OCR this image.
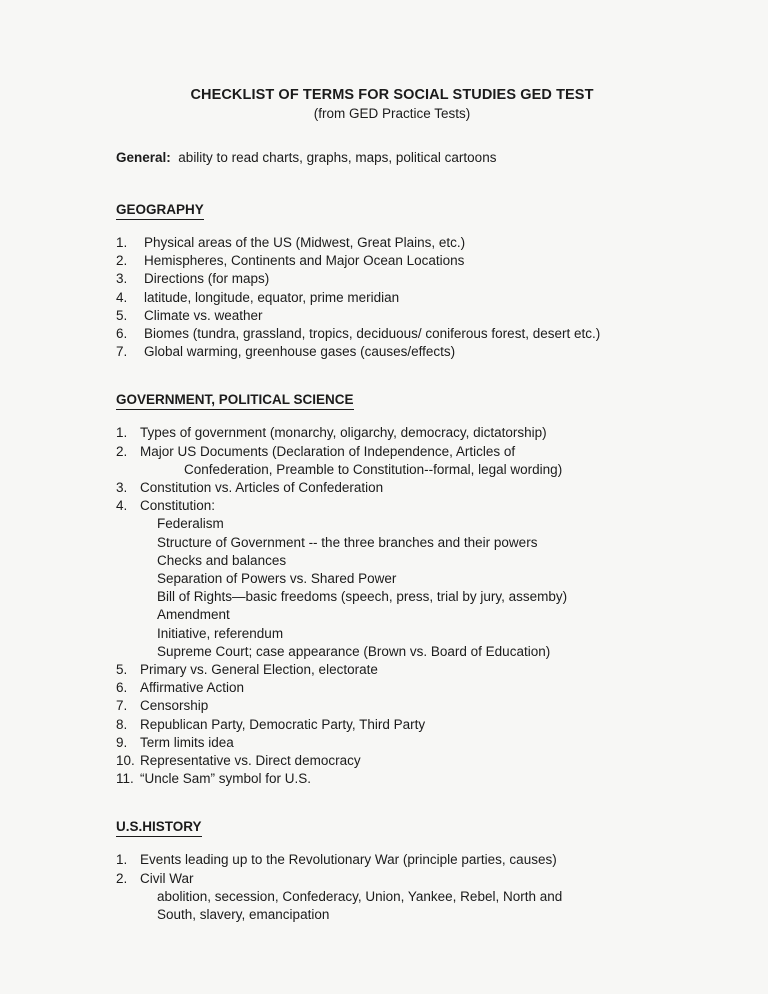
CHECKLIST OF TERMS FOR SOCIAL STUDIES GED TEST
(from GED Practice Tests)
General: ability to read charts, graphs, maps, political cartoons
GEOGRAPHY
1. Physical areas of the US (Midwest, Great Plains, etc.)
2. Hemispheres, Continents and Major Ocean Locations
3. Directions (for maps)
4. latitude, longitude, equator, prime meridian
5. Climate vs. weather
6. Biomes (tundra, grassland, tropics, deciduous/ coniferous forest, desert etc.)
7. Global warming, greenhouse gases (causes/effects)
GOVERNMENT, POLITICAL SCIENCE
1. Types of government (monarchy, oligarchy, democracy, dictatorship)
2. Major US Documents (Declaration of Independence, Articles of
Confederation, Preamble to Constitution--formal, legal wording)
3. Constitution vs. Articles of Confederation
4. Constitution:
Federalism
Structure of Government -- the three branches and their powers
Checks and balances
Separation of Powers vs. Shared Power
Bill of Rights—basic freedoms (speech, press, trial by jury, assemby)
Amendment
Initiative, referendum
Supreme Court; case appearance (Brown vs. Board of Education)
5. Primary vs. General Election, electorate
6. Affirmative Action
7. Censorship
8. Republican Party, Democratic Party, Third Party
9. Term limits idea
10. Representative vs. Direct democracy
11. “Uncle Sam” symbol for U.S.
U.S.HISTORY
1. Events leading up to the Revolutionary War (principle parties, causes)
2. Civil War
abolition, secession, Confederacy, Union, Yankee, Rebel, North and
South, slavery, emancipation
